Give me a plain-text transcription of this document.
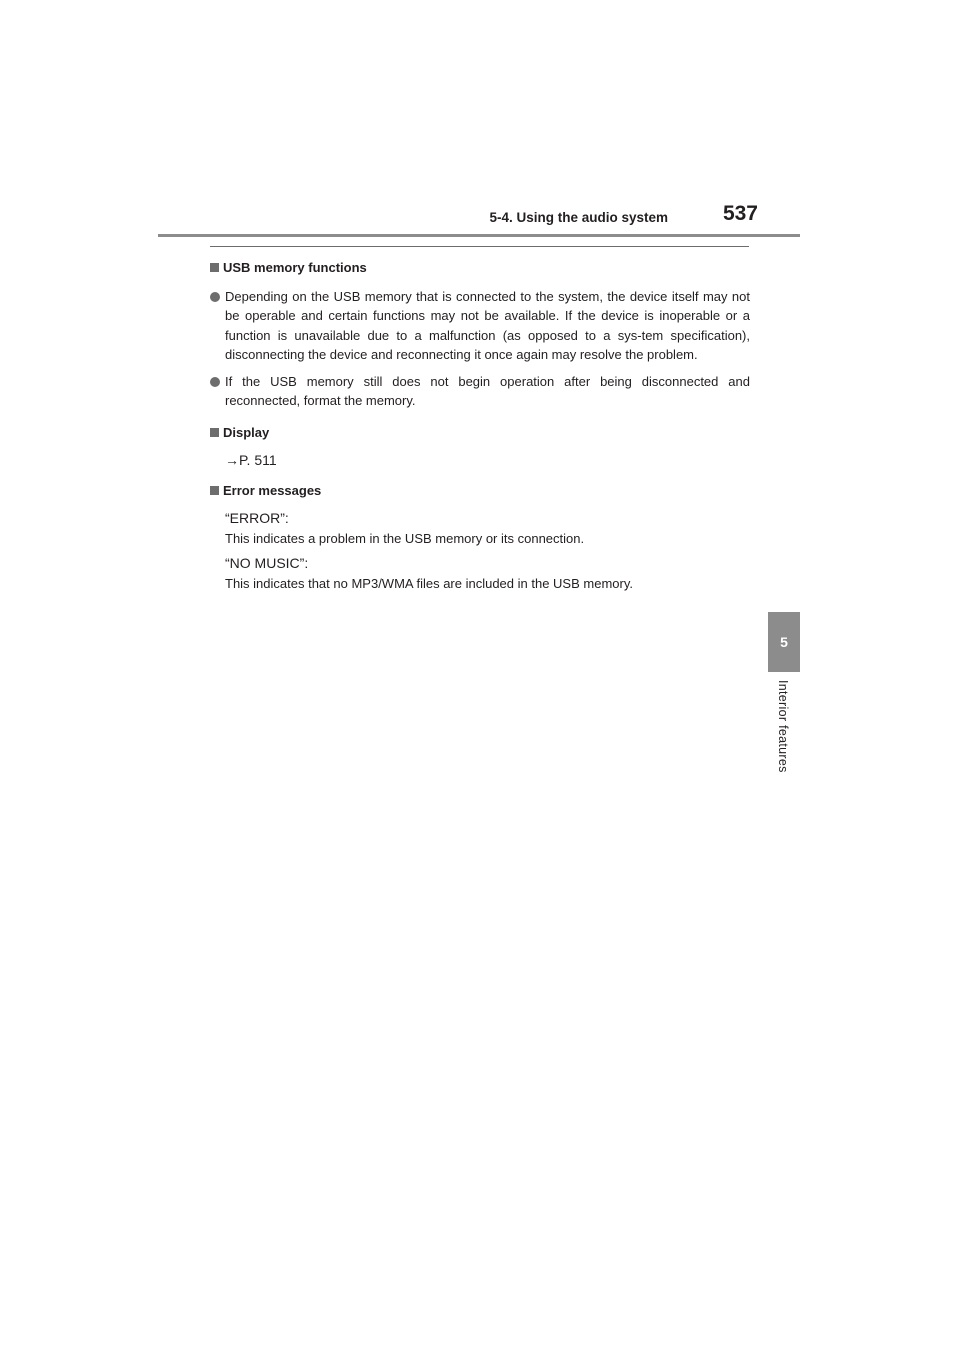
5-4. Using the audio system	537
5
Interior features
USB memory functions

Depending on the USB memory that is connected to the system, the device itself may not be operable and certain functions may not be available. If the device is inoperable or a function is unavailable due to a malfunction (as opposed to a sys-tem specification), disconnecting the device and reconnecting it once again may resolve the problem.

If the USB memory still does not begin operation after being disconnected and reconnected, format the memory.

Display

→P. 511

Error messages
“ERROR”:
This indicates a problem in the USB memory or its connection.
“NO MUSIC”:
This indicates that no MP3/WMA files are included in the USB memory.
